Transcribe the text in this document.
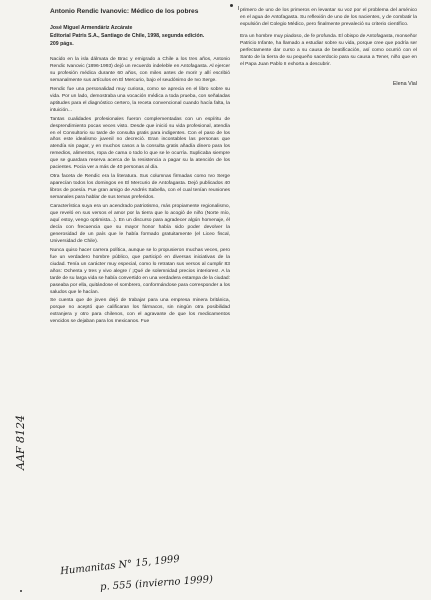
Antonio Rendic Ivanovic: Médico de los pobres
José Miguel Armendáriz Azcárate
Editorial Patris S.A., Santiago de Chile, 1998, segunda edición.
209 págs.

Nacido en la isla dálmata de Brac y emigrado a Chile a los tres años, Antonio Rendic Ivanovic (1896-1993) dejó un recuerdo indeleble en Antofagasta. Al ejercer su profesión médica durante 60 años, con miles antes de morir y allí escribió semanalmente sus artículos en El Mercurio, bajo el seudónimo de Ivo Serge.

Rendic fue una personalidad muy curiosa, como se aprecia en el libro sobre su vida. Por un lado, demostraba una vocación médica a toda prueba, con señaladas aptitudes para el diagnóstico certero, la receta convencional cuando hacía falta, la intuición...

Tantas cualidades profesionales fueron complementadas con un espíritu de desprendimiento pocas veces visto. Desde que inició su vida profesional, atendía en el Consultorio su tarde de consulta gratis para indigentes. Con el paso de los años este idealismo juvenil no decreció. Eran incontables las personas que atendía sin pagar, y en muchos casos a la consulta gratis añadía dinero para los remedios, alimentos, ropa de cama o todo lo que se le ocurría. Suplicaba siempre que se guardara reserva acerca de la resistencia a pagar su la atención de los pacientes. Pocia ver a más de 40 personas al día.

Otra faceta de Rendic era la literatura. Sus columnas firmadas como Ivo Serge aparecían todos los domingos en El Mercurio de Antofagasta. Dejó publicados 40 libros de poesía. Fue gran amigo de Andrés Sabella, con el cual tenían reuniones semanales para hablar de sus temas preferidos.

Característica suya era un acendrado patriotismo, más propiamente regionalismo, que reveló en sus versos el amor por la tierra que lo acogió de niño (Norte mío, aquí estoy, vengo optimista...). En un discurso para agradecer algún homenaje, él decía con frecuencia que su mayor honor había sido poder devolver la generosidad de un país que le había formado gratuitamente (el Liceo fiscal, Universidad de Chile).

Nunca quiso hacer carrera política, aunque se lo propusieron muchas veces, pero fue un verdadero hombre público, que participó en diversas iniciativas de la ciudad. Tenía un carácter muy especial, como lo retratan sus versos al cumplir 83 años: Ochenta y tres y vivo alegre / ¡Qué de solemnidad precios interiores!. A la tarde de su larga vida se había convertido en una verdadera estampa de la ciudad: paseaba por ella, quitándose el sombrero, conformándose para corresponder a los saludos que le hacían.

Se cuenta que de joven dejó de trabajar para una empresa minera británica, porque no aceptó que calificaran los fármacos, sin ningún otra posibilidad extranjera y otro para chilenos, con el agravante de que los medicamentos vencidos se dejaban para los mexicanos. Fue

primero de uno de los primeros en levantar su voz por el problema del arsénico en el agua de Antofagasta. Su reflexión de uno de los nacientes, y de combatir la expulsión del Colegio Médico, pero finalmente prevaleció su criterio científico.

Era un hombre muy piadoso, de fe profunda. El obispo de Antofagasta, monseñor Patricio Infante, ha llamado a estudiar sobre su vida, porque cree que podría ser perfectamente dar curso a su causa de beatificación, así como ocurrió con el Santo de la tierra de su pequeño sacerdocio para su causa a Tener, niño que en el Papa Juan Pablo II exhorta a descubrir.

Elena Vial
AAF 8124
Humanitas N° 15, 1999
p. 555 (invierno 1999)
